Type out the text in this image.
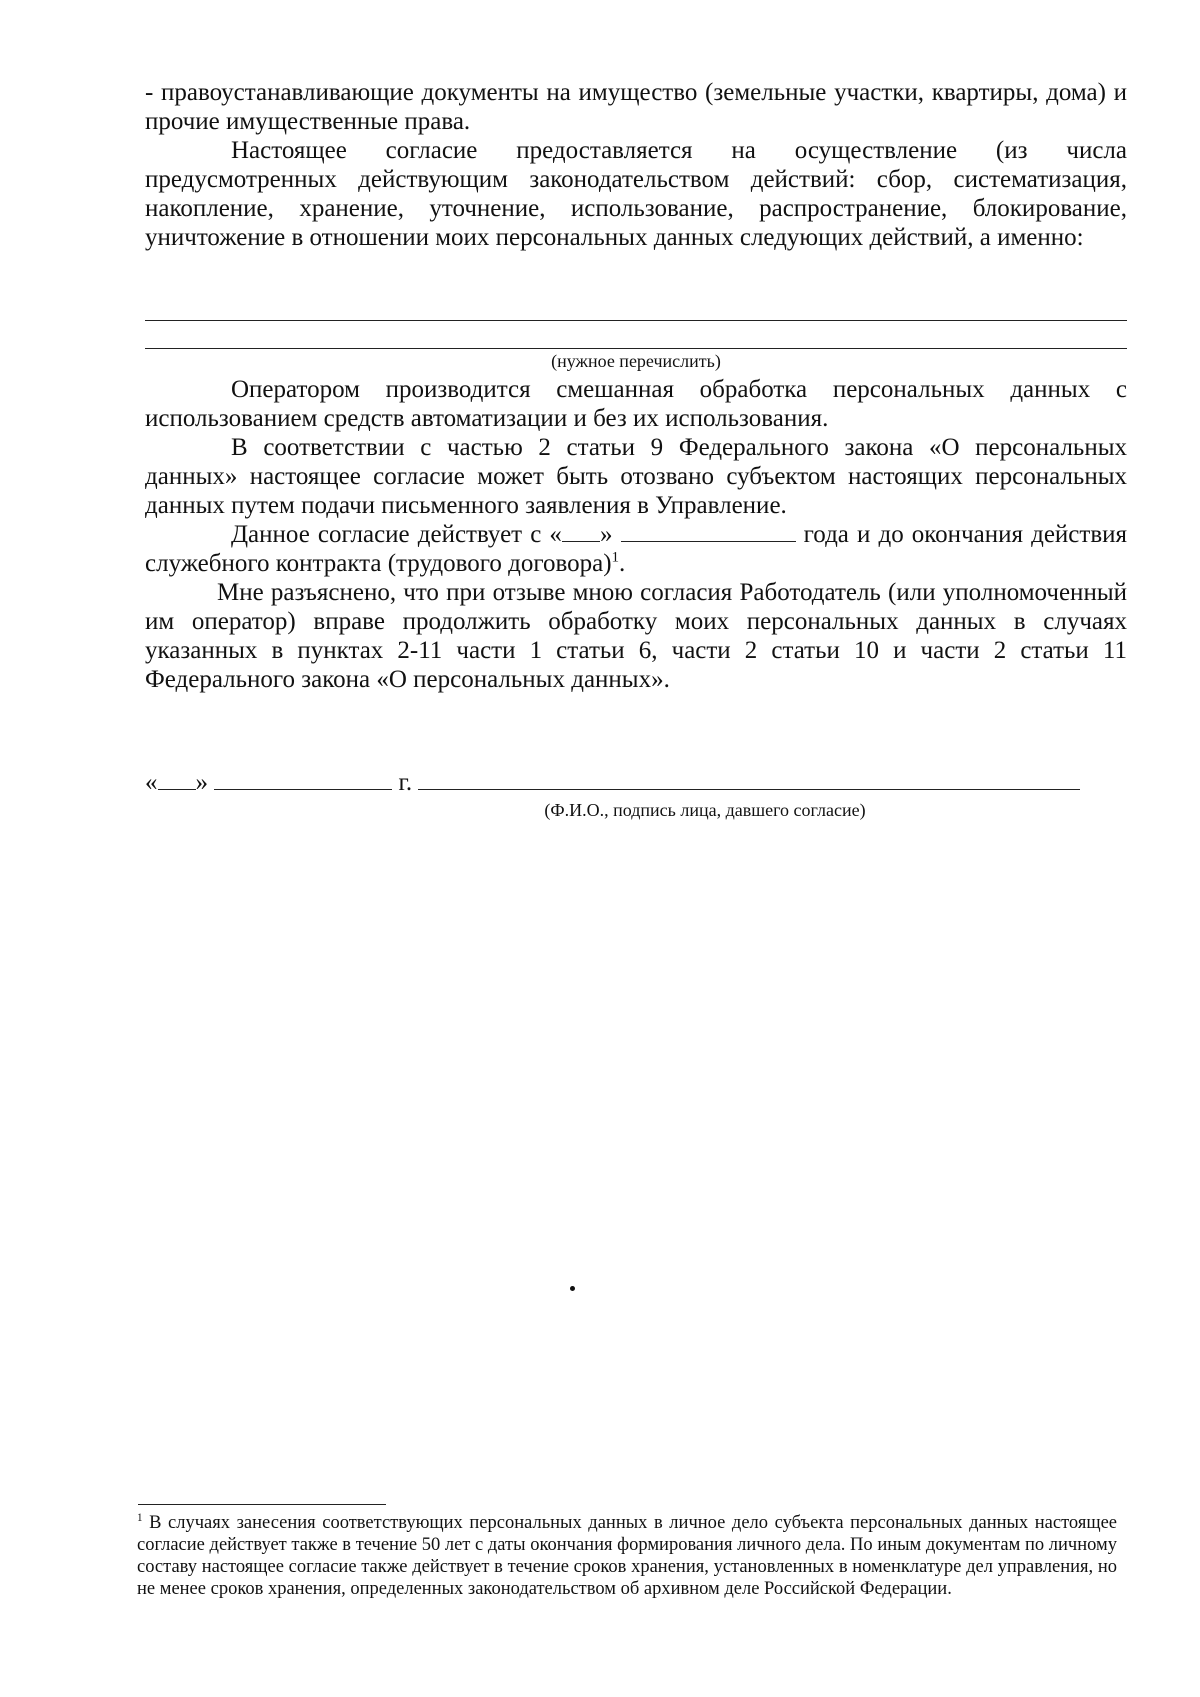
- правоустанавливающие документы на имущество (земельные участки, квартиры, дома) и прочие имущественные права.

Настоящее согласие предоставляется на осуществление (из числа предусмотренных действующим законодательством действий: сбор, систематизация, накопление, хранение, уточнение, использование, распространение, блокирование, уничтожение в отношении моих персональных данных следующих действий, а именно:

(нужное перечислить)

Оператором производится смешанная обработка персональных данных с использованием средств автоматизации и без их использования.

В соответствии с частью 2 статьи 9 Федерального закона «О персональных данных» настоящее согласие может быть отозвано субъектом настоящих персональных данных путем подачи письменного заявления в Управление.

Данное согласие действует с « »	года и до окончания действия служебного контракта (трудового договора)$^1$.

Мне разъяснено, что при отзыве мною согласия Работодатель (или уполномоченный им оператор) вправе продолжить обработку моих персональных данных в случаях указанных в пунктах 2-11 части 1 статьи 6, части 2 статьи 10 и части 2 статьи 11 Федерального закона «О персональных данных».

« »	г.
(Ф.И.О., подпись лица, давшего согласие)
$^1$ В случаях занесения соответствующих персональных данных в личное дело субъекта персональных данных настоящее согласие действует также в течение 50 лет с даты окончания формирования личного дела. По иным документам по личному составу настоящее согласие также действует в течение сроков хранения, установленных в номенклатуре дел управления, но не менее сроков хранения, определенных законодательством об архивном деле Российской Федерации.
